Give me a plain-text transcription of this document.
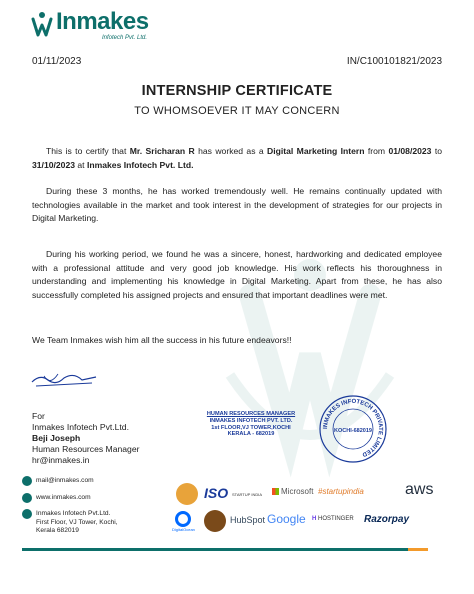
Inmakes
Infotech Pvt. Ltd.
01/11/2023	IN/C100101821/2023
INTERNSHIP CERTIFICATE
TO WHOMSOEVER IT MAY CONCERN
This is to certify that Mr. Sricharan R has worked as a Digital Marketing Intern from 01/08/2023 to 31/10/2023 at Inmakes Infotech Pvt. Ltd.
During these 3 months, he has worked tremendously well. He remains continually updated with technologies available in the market and took interest in the development of strategies for our projects in Digital Marketing.
During his working period, we found he was a sincere, honest, hardworking and dedicated employee with a professional attitude and very good job knowledge. His work reflects his thoroughness in understanding and implementing his knowledge in Digital Marketing. Apart from these, he has also successfully completed his assigned projects and ensured that important deadlines were met.
We Team Inmakes wish him all the success in his future endeavors!!
For
Inmakes Infotech Pvt.Ltd.
Beji Joseph
Human Resources Manager
hr@inmakes.in
HUMAN RESOURCES MANAGER
INMAKES INFOTECH PVT. LTD.
1st FLOOR,VJ TOWER,KOCHI
KERALA - 682019
INMAKES INFOTECH PRIVATE LIMITED
KOCHI-682019
mail@inmakes.com
www.inmakes.com
Inmakes Infotech Pvt.Ltd.
First Floor, VJ Tower, Kochi,
Kerala 682019
ISO STARTUP INDIA	Microsoft #startupindia	aws
DigitalOcean
HubSpot Google H HOSTINGER Razorpay
